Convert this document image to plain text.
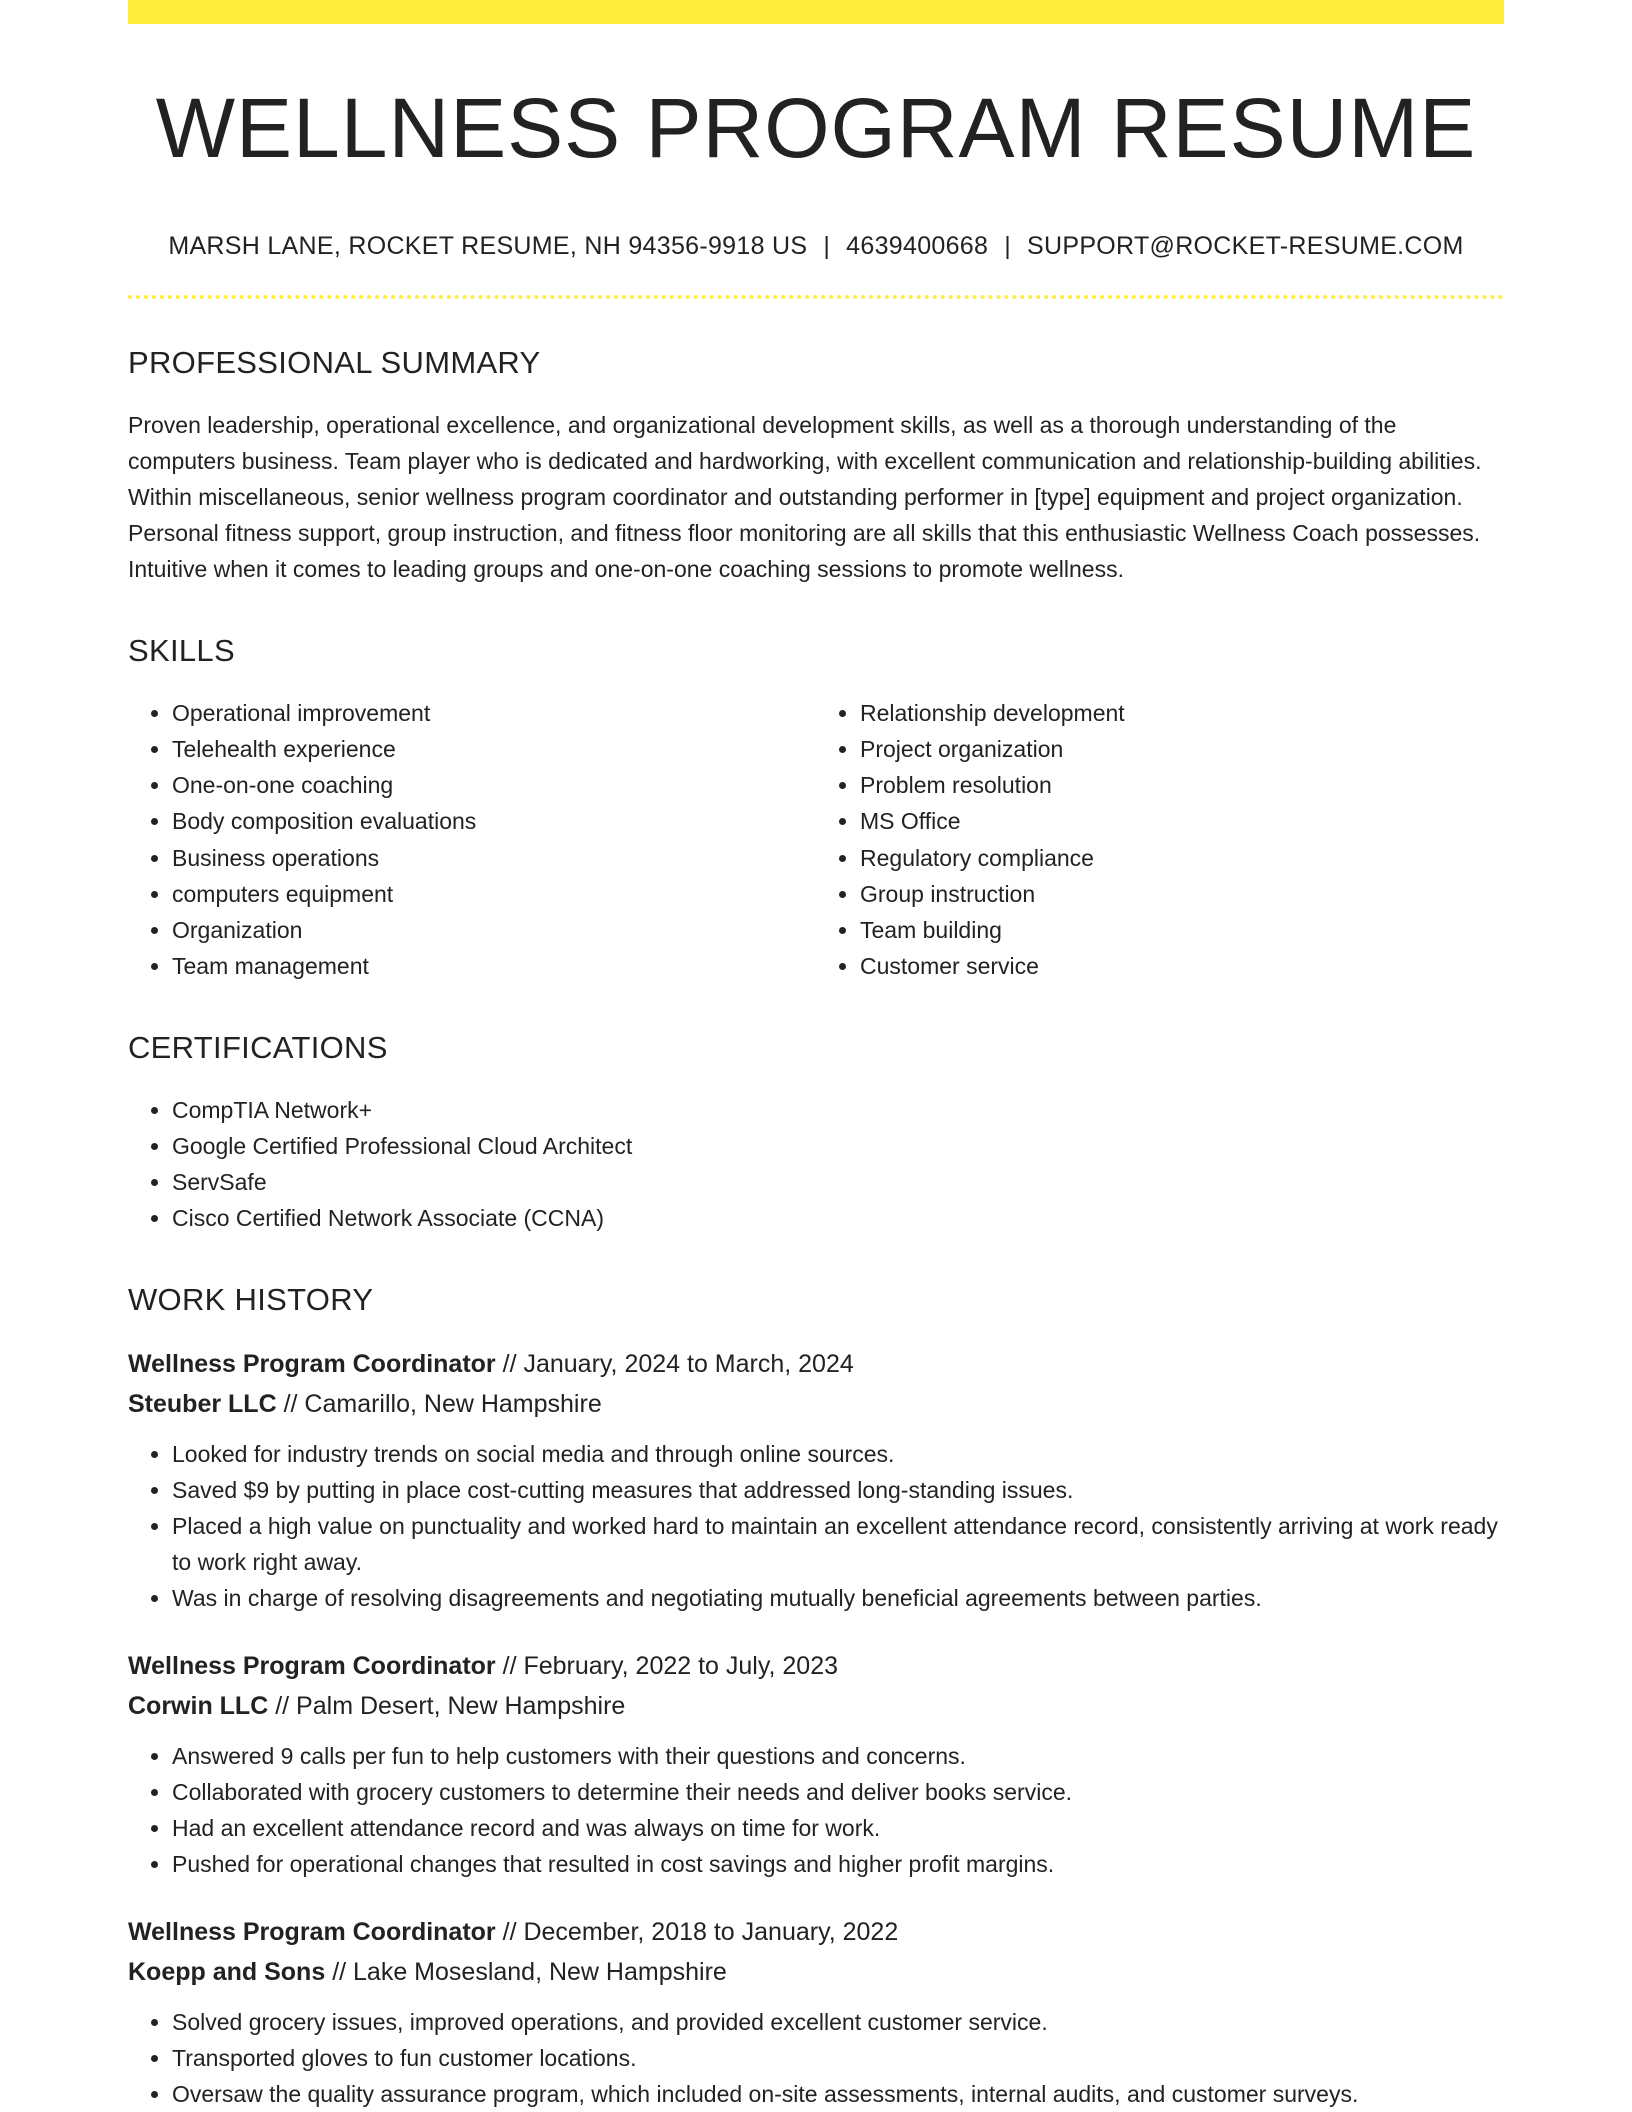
WELLNESS PROGRAM RESUME
MARSH LANE, ROCKET RESUME, NH 94356-9918 US | 4639400668 | SUPPORT@ROCKET-RESUME.COM
PROFESSIONAL SUMMARY
Proven leadership, operational excellence, and organizational development skills, as well as a thorough understanding of the computers business. Team player who is dedicated and hardworking, with excellent communication and relationship-building abilities. Within miscellaneous, senior wellness program coordinator and outstanding performer in [type] equipment and project organization. Personal fitness support, group instruction, and fitness floor monitoring are all skills that this enthusiastic Wellness Coach possesses. Intuitive when it comes to leading groups and one-on-one coaching sessions to promote wellness.
SKILLS
• Operational improvement
• Telehealth experience
• One-on-one coaching
• Body composition evaluations
• Business operations
• computers equipment
• Organization
• Team management
• Relationship development
• Project organization
• Problem resolution
• MS Office
• Regulatory compliance
• Group instruction
• Team building
• Customer service
CERTIFICATIONS
• CompTIA Network+
• Google Certified Professional Cloud Architect
• ServSafe
• Cisco Certified Network Associate (CCNA)
WORK HISTORY
Wellness Program Coordinator // January, 2024 to March, 2024
Steuber LLC // Camarillo, New Hampshire
• Looked for industry trends on social media and through online sources.
• Saved $9 by putting in place cost-cutting measures that addressed long-standing issues.
• Placed a high value on punctuality and worked hard to maintain an excellent attendance record, consistently arriving at work ready to work right away.
• Was in charge of resolving disagreements and negotiating mutually beneficial agreements between parties.
Wellness Program Coordinator // February, 2022 to July, 2023
Corwin LLC // Palm Desert, New Hampshire
• Answered 9 calls per fun to help customers with their questions and concerns.
• Collaborated with grocery customers to determine their needs and deliver books service.
• Had an excellent attendance record and was always on time for work.
• Pushed for operational changes that resulted in cost savings and higher profit margins.
Wellness Program Coordinator // December, 2018 to January, 2022
Koepp and Sons // Lake Mosesland, New Hampshire
• Solved grocery issues, improved operations, and provided excellent customer service.
• Transported gloves to fun customer locations.
• Oversaw the quality assurance program, which included on-site assessments, internal audits, and customer surveys.
